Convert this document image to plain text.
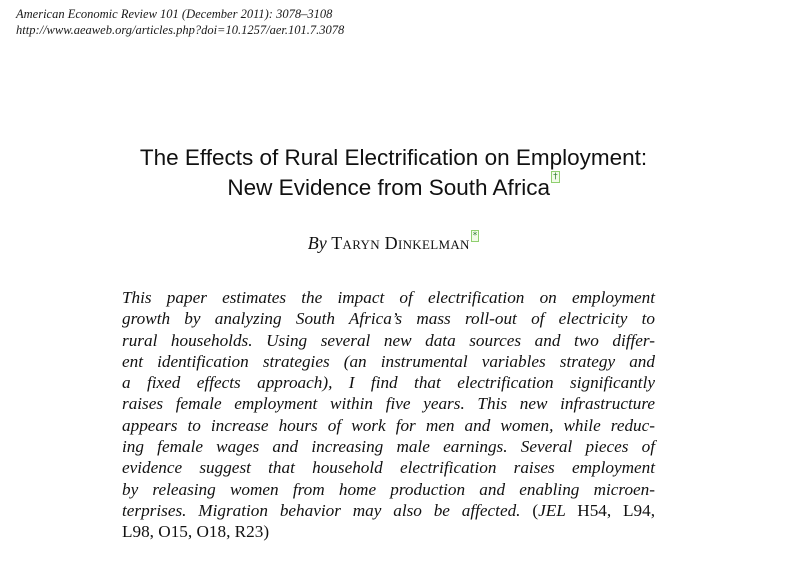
American Economic Review 101 (December 2011): 3078–3108
http://www.aeaweb.org/articles.php?doi=10.1257/aer.101.7.3078
The Effects of Rural Electrification on Employment:
New Evidence from South Africa †
By Taryn Dinkelman *
This paper estimates the impact of electrification on employment
growth by analyzing South Africa’s mass roll-out of electricity to
rural households. Using several new data sources and two differ-
ent identification strategies (an instrumental variables strategy and
a fixed effects approach), I find that electrification significantly
raises female employment within five years. This new infrastructure
appears to increase hours of work for men and women, while reduc-
ing female wages and increasing male earnings. Several pieces of
evidence suggest that household electrification raises employment
by releasing women from home production and enabling microen-
terprises. Migration behavior may also be affected. (JEL H54, L94,
L98, O15, O18, R23)
